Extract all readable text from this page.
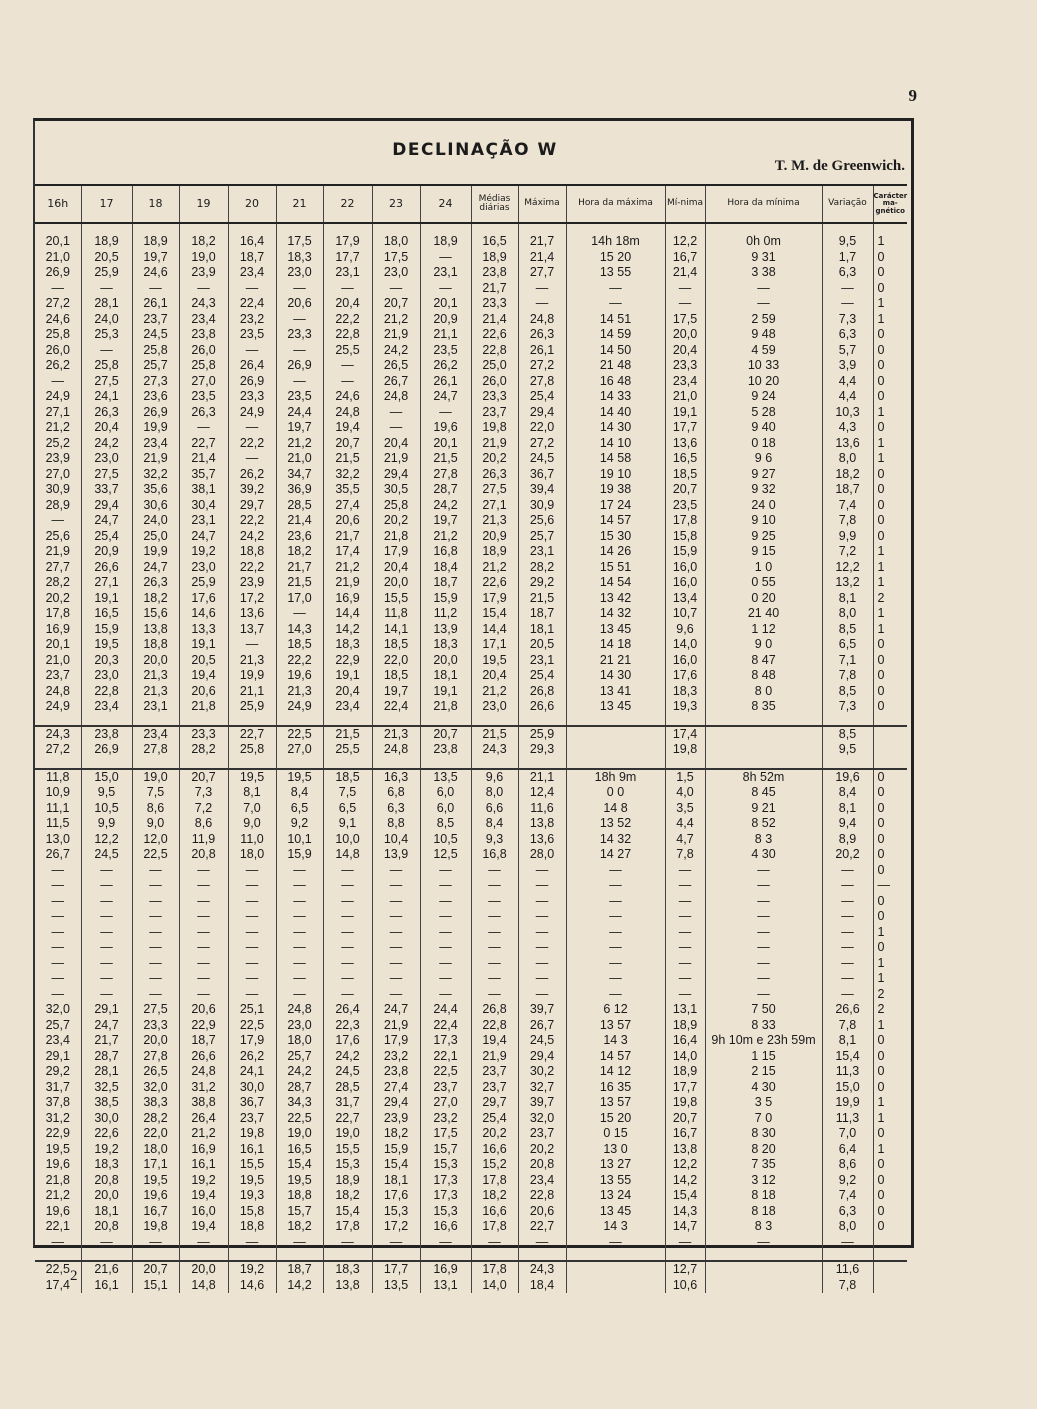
9
DECLINAÇÃO W
T. M. de Greenwich.
16h	17	18	19	20	21	22	23	24	Médias diárias	Máxima	Hora da máxima	Mí-nima	Hora da mínima	Variação	Carácter ma-gnético

20,1	18,9	18,9	18,2	16,4	17,5	17,9	18,0	18,9	16,5	21,7	14h 18m	12,2	0h 0m	9,5	1
21,0	20,5	19,7	19,0	18,7	18,3	17,7	17,5	—	18,9	21,4	15 20	16,7	9 31	1,7	0
26,9	25,9	24,6	23,9	23,4	23,0	23,1	23,0	23,1	23,8	27,7	13 55	21,4	3 38	6,3	0
—	—	—	—	—	—	—	—	—	21,7	—	—	—	—	—	0
27,2	28,1	26,1	24,3	22,4	20,6	20,4	20,7	20,1	23,3	—	—	—	—	—	1
24,6	24,0	23,7	23,4	23,2	—	22,2	21,2	20,9	21,4	24,8	14 51	17,5	2 59	7,3	1
25,8	25,3	24,5	23,8	23,5	23,3	22,8	21,9	21,1	22,6	26,3	14 59	20,0	9 48	6,3	0
26,0	—	25,8	26,0	—	—	25,5	24,2	23,5	22,8	26,1	14 50	20,4	4 59	5,7	0
26,2	25,8	25,7	25,8	26,4	26,9	—	26,5	26,2	25,0	27,2	21 48	23,3	10 33	3,9	0
—	27,5	27,3	27,0	26,9	—	—	26,7	26,1	26,0	27,8	16 48	23,4	10 20	4,4	0
24,9	24,1	23,6	23,5	23,3	23,5	24,6	24,8	24,7	23,3	25,4	14 33	21,0	9 24	4,4	0
27,1	26,3	26,9	26,3	24,9	24,4	24,8	—	—	23,7	29,4	14 40	19,1	5 28	10,3	1
21,2	20,4	19,9	—	—	19,7	19,4	—	19,6	19,8	22,0	14 30	17,7	9 40	4,3	0
25,2	24,2	23,4	22,7	22,2	21,2	20,7	20,4	20,1	21,9	27,2	14 10	13,6	0 18	13,6	1
23,9	23,0	21,9	21,4	—	21,0	21,5	21,9	21,5	20,2	24,5	14 58	16,5	9 6	8,0	1
27,0	27,5	32,2	35,7	26,2	34,7	32,2	29,4	27,8	26,3	36,7	19 10	18,5	9 27	18,2	0
30,9	33,7	35,6	38,1	39,2	36,9	35,5	30,5	28,7	27,5	39,4	19 38	20,7	9 32	18,7	0
28,9	29,4	30,6	30,4	29,7	28,5	27,4	25,8	24,2	27,1	30,9	17 24	23,5	24 0	7,4	0
—	24,7	24,0	23,1	22,2	21,4	20,6	20,2	19,7	21,3	25,6	14 57	17,8	9 10	7,8	0
25,6	25,4	25,0	24,7	24,2	23,6	21,7	21,8	21,2	20,9	25,7	15 30	15,8	9 25	9,9	0
21,9	20,9	19,9	19,2	18,8	18,2	17,4	17,9	16,8	18,9	23,1	14 26	15,9	9 15	7,2	1
27,7	26,6	24,7	23,0	22,2	21,7	21,2	20,4	18,4	21,2	28,2	15 51	16,0	1 0	12,2	1
28,2	27,1	26,3	25,9	23,9	21,5	21,9	20,0	18,7	22,6	29,2	14 54	16,0	0 55	13,2	1
20,2	19,1	18,2	17,6	17,2	17,0	16,9	15,5	15,9	17,9	21,5	13 42	13,4	0 20	8,1	2
17,8	16,5	15,6	14,6	13,6	—	14,4	11,8	11,2	15,4	18,7	14 32	10,7	21 40	8,0	1
16,9	15,9	13,8	13,3	13,7	14,3	14,2	14,1	13,9	14,4	18,1	13 45	9,6	1 12	8,5	1
20,1	19,5	18,8	19,1	—	18,5	18,3	18,5	18,3	17,1	20,5	14 18	14,0	9 0	6,5	0
21,0	20,3	20,0	20,5	21,3	22,2	22,9	22,0	20,0	19,5	23,1	21 21	16,0	8 47	7,1	0
23,7	23,0	21,3	19,4	19,9	19,6	19,1	18,5	18,1	20,4	25,4	14 30	17,6	8 48	7,8	0
24,8	22,8	21,3	20,6	21,1	21,3	20,4	19,7	19,1	21,2	26,8	13 41	18,3	8 0	8,5	0
24,9	23,4	23,1	21,8	25,9	24,9	23,4	22,4	21,8	23,0	26,6	13 45	19,3	8 35	7,3	0

24,3	23,8	23,4	23,3	22,7	22,5	21,5	21,3	20,7	21,5	25,9		17,4		8,5	
27,2	26,9	27,8	28,2	25,8	27,0	25,5	24,8	23,8	24,3	29,3		19,8		9,5	

11,8	15,0	19,0	20,7	19,5	19,5	18,5	16,3	13,5	9,6	21,1	18h 9m	1,5	8h 52m	19,6	0
10,9	9,5	7,5	7,3	8,1	8,4	7,5	6,8	6,0	8,0	12,4	0 0	4,0	8 45	8,4	0
11,1	10,5	8,6	7,2	7,0	6,5	6,5	6,3	6,0	6,6	11,6	14 8	3,5	9 21	8,1	0
11,5	9,9	9,0	8,6	9,0	9,2	9,1	8,8	8,5	8,4	13,8	13 52	4,4	8 52	9,4	0
13,0	12,2	12,0	11,9	11,0	10,1	10,0	10,4	10,5	9,3	13,6	14 32	4,7	8 3	8,9	0
26,7	24,5	22,5	20,8	18,0	15,9	14,8	13,9	12,5	16,8	28,0	14 27	7,8	4 30	20,2	0
—	—	—	—	—	—	—	—	—	—	—	—	—	—	—	0
—	—	—	—	—	—	—	—	—	—	—	—	—	—	—	—
—	—	—	—	—	—	—	—	—	—	—	—	—	—	—	0
—	—	—	—	—	—	—	—	—	—	—	—	—	—	—	0
—	—	—	—	—	—	—	—	—	—	—	—	—	—	—	1
—	—	—	—	—	—	—	—	—	—	—	—	—	—	—	0
—	—	—	—	—	—	—	—	—	—	—	—	—	—	—	1
—	—	—	—	—	—	—	—	—	—	—	—	—	—	—	1
—	—	—	—	—	—	—	—	—	—	—	—	—	—	—	2
32,0	29,1	27,5	20,6	25,1	24,8	26,4	24,7	24,4	26,8	39,7	6 12	13,1	7 50	26,6	2
25,7	24,7	23,3	22,9	22,5	23,0	22,3	21,9	22,4	22,8	26,7	13 57	18,9	8 33	7,8	1
23,4	21,7	20,0	18,7	17,9	18,0	17,6	17,9	17,3	19,4	24,5	14 3	16,4	9h 10m e 23h 59m	8,1	0
29,1	28,7	27,8	26,6	26,2	25,7	24,2	23,2	22,1	21,9	29,4	14 57	14,0	1 15	15,4	0
29,2	28,1	26,5	24,8	24,1	24,2	24,5	23,8	22,5	23,7	30,2	14 12	18,9	2 15	11,3	0
31,7	32,5	32,0	31,2	30,0	28,7	28,5	27,4	23,7	23,7	32,7	16 35	17,7	4 30	15,0	0
37,8	38,5	38,3	38,8	36,7	34,3	31,7	29,4	27,0	29,7	39,7	13 57	19,8	3 5	19,9	1
31,2	30,0	28,2	26,4	23,7	22,5	22,7	23,9	23,2	25,4	32,0	15 20	20,7	7 0	11,3	1
22,9	22,6	22,0	21,2	19,8	19,0	19,0	18,2	17,5	20,2	23,7	0 15	16,7	8 30	7,0	0
19,5	19,2	18,0	16,9	16,1	16,5	15,5	15,9	15,7	16,6	20,2	13 0	13,8	8 20	6,4	1
19,6	18,3	17,1	16,1	15,5	15,4	15,3	15,4	15,3	15,2	20,8	13 27	12,2	7 35	8,6	0
21,8	20,8	19,5	19,2	19,5	19,5	18,9	18,1	17,3	17,8	23,4	13 55	14,2	3 12	9,2	0
21,2	20,0	19,6	19,4	19,3	18,8	18,2	17,6	17,3	18,2	22,8	13 24	15,4	8 18	7,4	0
19,6	18,1	16,7	16,0	15,8	15,7	15,4	15,3	15,3	16,6	20,6	13 45	14,3	8 18	6,3	0
22,1	20,8	19,8	19,4	18,8	18,2	17,8	17,2	16,6	17,8	22,7	14 3	14,7	8 3	8,0	0
—	—	—	—	—	—	—	—	—	—	—	—	—	—	—	

22,5	21,6	20,7	20,0	19,2	18,7	18,3	17,7	16,9	17,8	24,3		12,7		11,6	
17,4	16,1	15,1	14,8	14,6	14,2	13,8	13,5	13,1	14,0	18,4		10,6		7,8	
2
